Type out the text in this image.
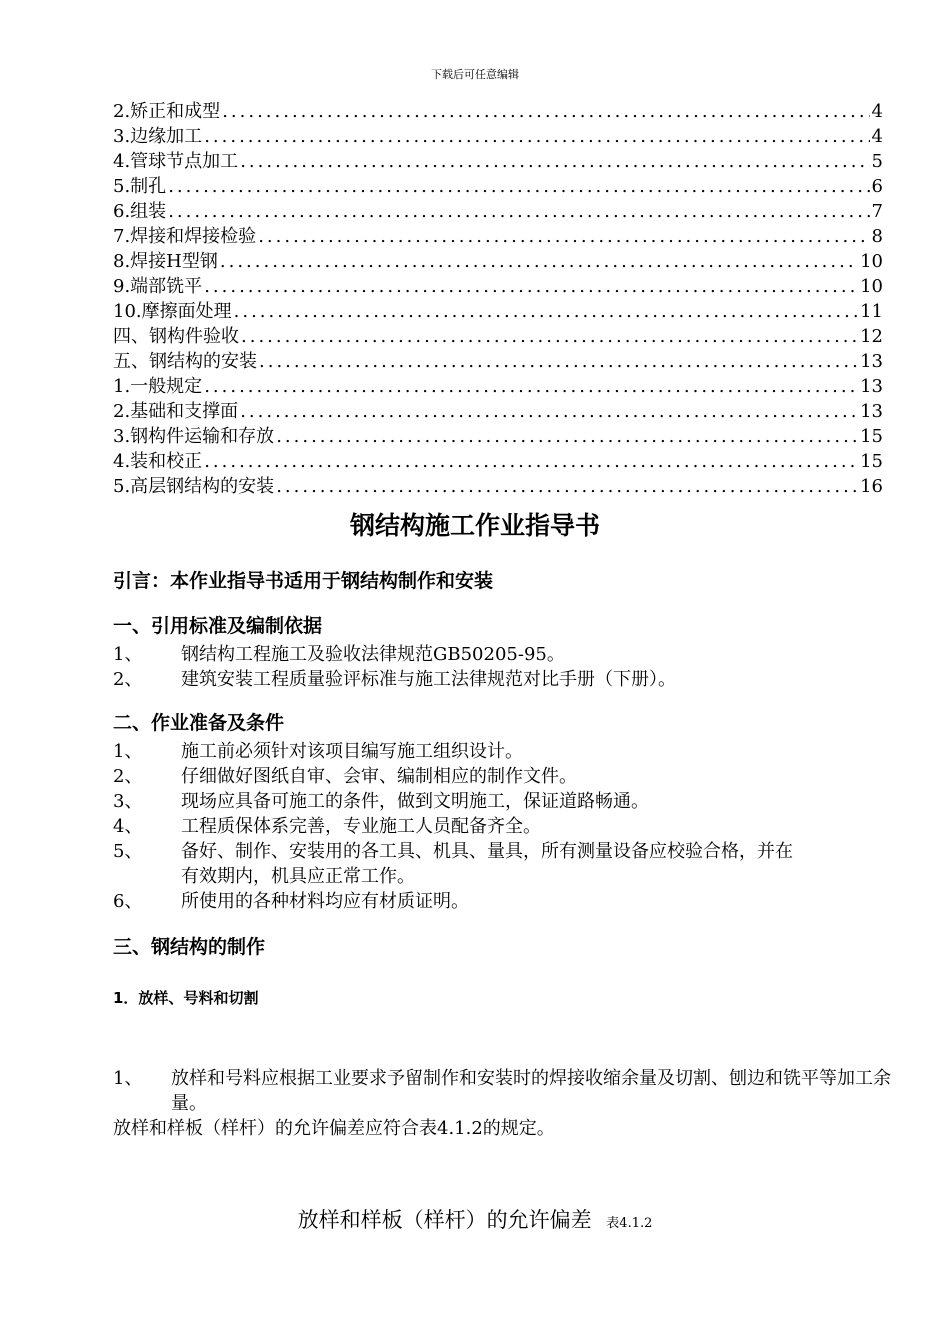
下载后可任意编辑
2.矫正和成型 .....	4
3.边缘加工 .....	4
4.管球节点加工 .....	5
5.制孔 .....	6
6.组装 .....	7
7.焊接和焊接检验 .....	8
8.焊接H型钢 .....	10
9.端部铣平 .....	10
10.摩擦面处理 .....	11
四、钢构件验收 .....	12
五、钢结构的安装 .....	13
1.一般规定 .....	13
2.基础和支撑面 .....	13
3.钢构件运输和存放 .....	15
4.装和校正 .....	15
5.高层钢结构的安装 .....	16
钢结构施工作业指导书
引言：本作业指导书适用于钢结构制作和安装
一、引用标准及编制依据
1、	钢结构工程施工及验收法律规范GB50205-95。
2、	建筑安装工程质量验评标准与施工法律规范对比手册（下册）。
二、作业准备及条件
1、	施工前必须针对该项目编写施工组织设计。
2、	仔细做好图纸自审、会审、编制相应的制作文件。
3、	现场应具备可施工的条件，做到文明施工，保证道路畅通。
4、	工程质保体系完善，专业施工人员配备齐全。
5、	备好、制作、安装用的各工具、机具、量具，所有测量设备应校验合格，并在有效期内，机具应正常工作。
6、	所使用的各种材料均应有材质证明。
三、钢结构的制作
1．放样、号料和切割
1、	放样和号料应根据工业要求予留制作和安装时的焊接收缩余量及切割、刨边和铣平等加工余量。
放样和样板（样杆）的允许偏差应符合表4.1.2的规定。
放样和样板（样杆）的允许偏差 表4.1.2
